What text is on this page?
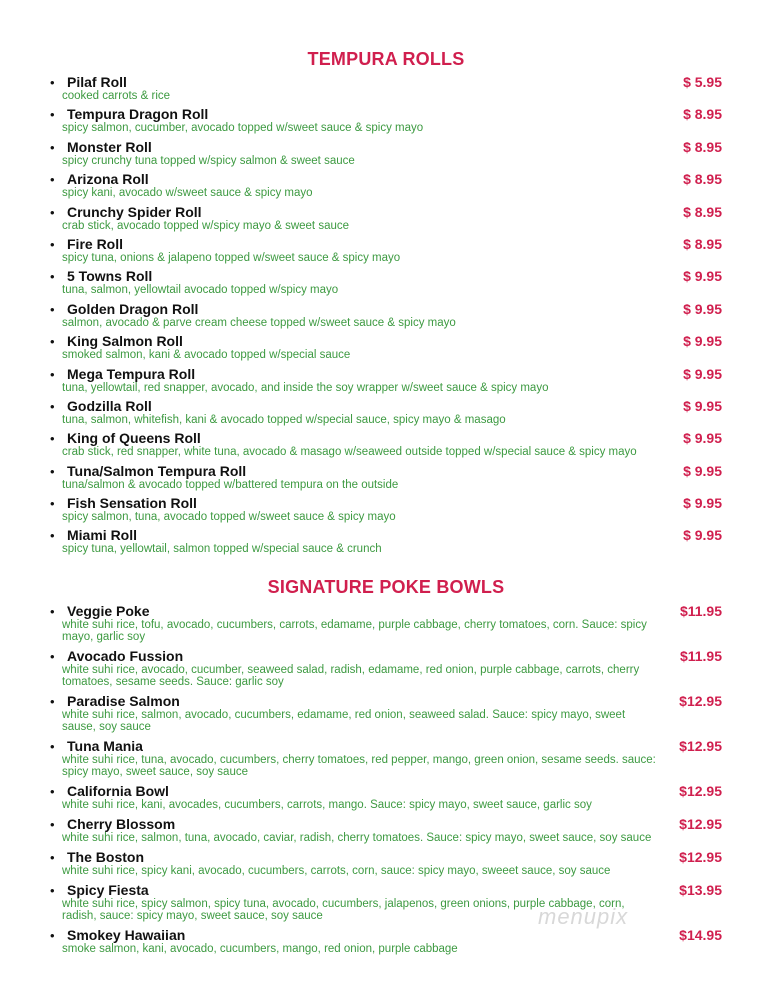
TEMPURA ROLLS
• Pilaf Roll
cooked carrots & rice
$ 5.95
• Tempura Dragon Roll
spicy salmon, cucumber, avocado topped w/sweet sauce & spicy mayo
$ 8.95
• Monster Roll
spicy crunchy tuna topped w/spicy salmon & sweet sauce
$ 8.95
• Arizona Roll
spicy kani, avocado w/sweet sauce & spicy mayo
$ 8.95
• Crunchy Spider Roll
crab stick, avocado topped w/spicy mayo & sweet sauce
$ 8.95
• Fire Roll
spicy tuna, onions & jalapeno topped w/sweet sauce & spicy mayo
$ 8.95
• 5 Towns Roll
tuna, salmon, yellowtail avocado topped w/spicy mayo
$ 9.95
• Golden Dragon Roll
salmon, avocado & parve cream cheese topped w/sweet sauce & spicy mayo
$ 9.95
• King Salmon Roll
smoked salmon, kani & avocado topped w/special sauce
$ 9.95
• Mega Tempura Roll
tuna, yellowtail, red snapper, avocado, and inside the soy wrapper w/sweet sauce & spicy mayo
$ 9.95
• Godzilla Roll
tuna, salmon, whitefish, kani & avocado topped w/special sauce, spicy mayo & masago
$ 9.95
• King of Queens Roll
crab stick, red snapper, white tuna, avocado & masago w/seaweed outside topped w/special sauce & spicy mayo
$ 9.95
• Tuna/Salmon Tempura Roll
tuna/salmon & avocado topped w/battered tempura on the outside
$ 9.95
• Fish Sensation Roll
spicy salmon, tuna, avocado topped w/sweet sauce & spicy mayo
$ 9.95
• Miami Roll
spicy tuna, yellowtail, salmon topped w/special sauce & crunch
$ 9.95
SIGNATURE POKE BOWLS
• Veggie Poke
white suhi rice, tofu, avocado, cucumbers, carrots, edamame, purple cabbage, cherry tomatoes, corn. Sauce: spicy mayo, garlic soy
$11.95
• Avocado Fussion
white suhi rice, avocado, cucumber, seaweed salad, radish, edamame, red onion, purple cabbage, carrots, cherry tomatoes, sesame seeds. Sauce: garlic soy
$11.95
• Paradise Salmon
white suhi rice, salmon, avocado, cucumbers, edamame, red onion, seaweed salad. Sauce: spicy mayo, sweet sause, soy sauce
$12.95
• Tuna Mania
white suhi rice, tuna, avocado, cucumbers, cherry tomatoes, red pepper, mango, green onion, sesame seeds. sauce: spicy mayo, sweet sauce, soy sauce
$12.95
• California Bowl
white suhi rice, kani, avocades, cucumbers, carrots, mango. Sauce: spicy mayo, sweet sauce, garlic soy
$12.95
• Cherry Blossom
white suhi rice, salmon, tuna, avocado, caviar, radish, cherry tomatoes. Sauce: spicy mayo, sweet sauce, soy sauce
$12.95
• The Boston
white suhi rice, spicy kani, avocado, cucumbers, carrots, corn, sauce: spicy mayo, sweeet sauce, soy sauce
$12.95
• Spicy Fiesta
white suhi rice, spicy salmon, spicy tuna, avocado, cucumbers, jalapenos, green onions, purple cabbage, corn, radish, sauce: spicy mayo, sweet sauce, soy sauce
$13.95
• Smokey Hawaiian
smoke salmon, kani, avocado, cucumbers, mango, red onion, purple cabbage
$14.95
menupix
